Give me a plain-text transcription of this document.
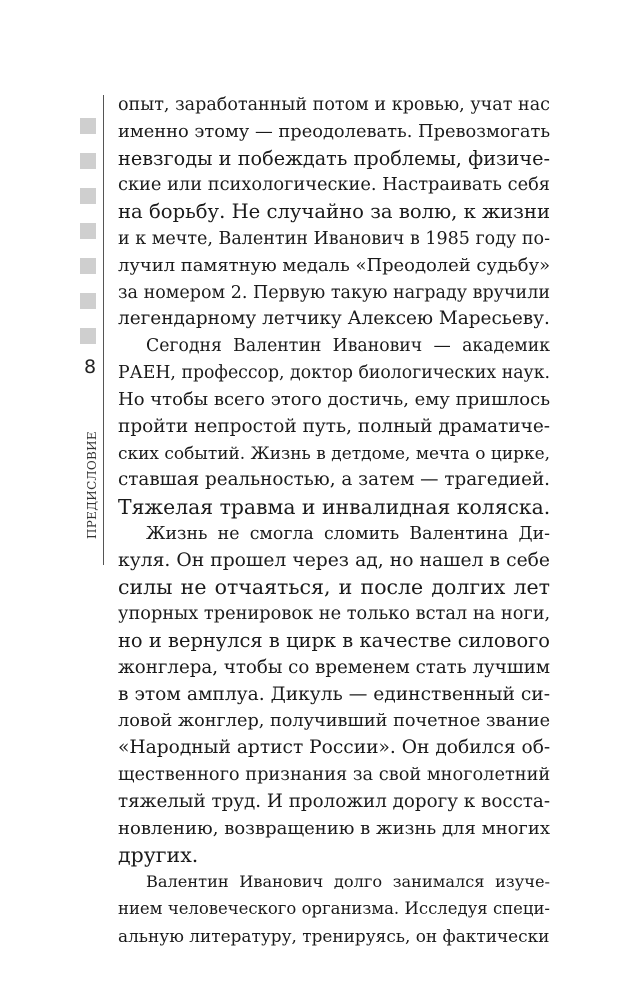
8
ПРЕДИСЛОВИЕ

опыт, заработанный потом и кровью, учат нас
именно этому — преодолевать. Превозмогать
невзгоды и побеждать проблемы, физиче-
ские или психологические. Настраивать себя
на борьбу. Не случайно за волю, к жизни
и к мечте, Валентин Иванович в 1985 году по-
лучил памятную медаль «Преодолей судьбу»
за номером 2. Первую такую награду вручили
легендарному летчику Алексею Маресьеву.

Сегодня Валентин Иванович — академик
РАЕН, профессор, доктор биологических наук.
Но чтобы всего этого достичь, ему пришлось
пройти непростой путь, полный драматиче-
ских событий. Жизнь в детдоме, мечта о цирке,
ставшая реальностью, а затем — трагедией.
Тяжелая травма и инвалидная коляска.

Жизнь не смогла сломить Валентина Ди-
куля. Он прошел через ад, но нашел в себе
силы не отчаяться, и после долгих лет
упорных тренировок не только встал на ноги,
но и вернулся в цирк в качестве силового
жонглера, чтобы со временем стать лучшим
в этом амплуа. Дикуль — единственный си-
ловой жонглер, получивший почетное звание
«Народный артист России». Он добился об-
щественного признания за свой многолетний
тяжелый труд. И проложил дорогу к восста-
новлению, возвращению в жизнь для многих
других.

Валентин Иванович долго занимался изуче-
нием человеческого организма. Исследуя специ-
альную литературу, тренируясь, он фактически
